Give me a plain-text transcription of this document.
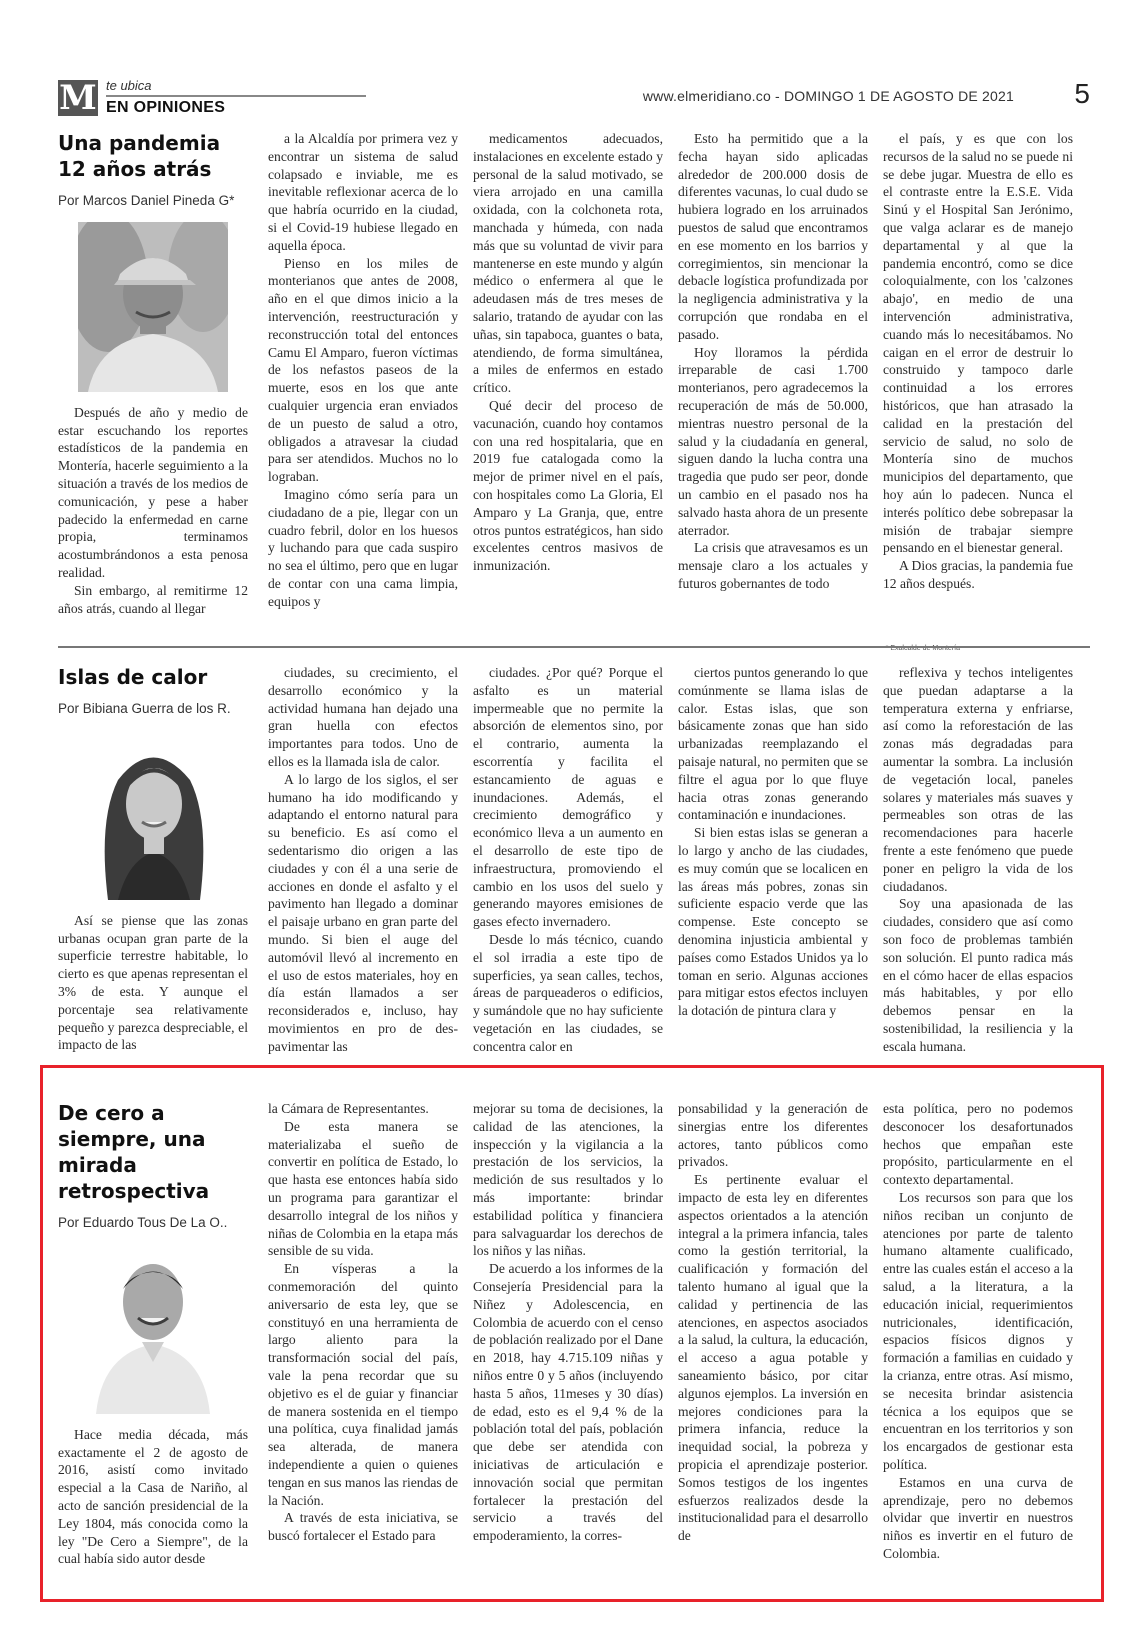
M te ubica
EN OPINIONES
www.elmeridiano.co - DOMINGO 1 DE AGOSTO DE 2021 5
Una pandemia 12 años atrás
Por Marcos Daniel Pineda G*

Después de año y medio de estar escuchando los reportes estadísticos de la pandemia en Montería, hacerle seguimiento a la situación a través de los medios de comunicación, y pese a haber padecido la enfermedad en carne propia, terminamos acostumbrándonos a esta penosa realidad.

Sin embargo, al remitirme 12 años atrás, cuando al llegar

a la Alcaldía por primera vez y encontrar un sistema de salud colapsado e inviable, me es inevitable reflexionar acerca de lo que habría ocurrido en la ciudad, si el Covid-19 hubiese llegado en aquella época.

Pienso en los miles de monterianos que antes de 2008, año en el que dimos inicio a la intervención, reestructuración y reconstrucción total del entonces Camu El Amparo, fueron víctimas de los nefastos paseos de la muerte, esos en los que ante cualquier urgencia eran enviados de un puesto de salud a otro, obligados a atravesar la ciudad para ser atendidos. Muchos no lo lograban.

Imagino cómo sería para un ciudadano de a pie, llegar con un cuadro febril, dolor en los huesos y luchando para que cada suspiro no sea el último, pero que en lugar de contar con una cama limpia, equipos y

medicamentos adecuados, instalaciones en excelente estado y personal de la salud motivado, se viera arrojado en una camilla oxidada, con la colchoneta rota, manchada y húmeda, con nada más que su voluntad de vivir para mantenerse en este mundo y algún médico o enfermera al que le adeudasen más de tres meses de salario, tratando de ayudar con las uñas, sin tapaboca, guantes o bata, atendiendo, de forma simultánea, a miles de enfermos en estado crítico.

Qué decir del proceso de vacunación, cuando hoy contamos con una red hospitalaria, que en 2019 fue catalogada como la mejor de primer nivel en el país, con hospitales como La Gloria, El Amparo y La Granja, que, entre otros puntos estratégicos, han sido excelentes centros masivos de inmunización.

Esto ha permitido que a la fecha hayan sido aplicadas alrededor de 200.000 dosis de diferentes vacunas, lo cual dudo se hubiera logrado en los arruinados puestos de salud que encontramos en ese momento en los barrios y corregimientos, sin mencionar la debacle logística profundizada por la negligencia administrativa y la corrupción que rondaba en el pasado.

Hoy lloramos la pérdida irreparable de casi 1.700 monterianos, pero agradecemos la recuperación de más de 50.000, mientras nuestro personal de la salud y la ciudadanía en general, siguen dando la lucha contra una tragedia que pudo ser peor, donde un cambio en el pasado nos ha salvado hasta ahora de un presente aterrador.

La crisis que atravesamos es un mensaje claro a los actuales y futuros gobernantes de todo

el país, y es que con los recursos de la salud no se puede ni se debe jugar. Muestra de ello es el contraste entre la E.S.E. Vida Sinú y el Hospital San Jerónimo, que valga aclarar es de manejo departamental y al que la pandemia encontró, como se dice coloquialmente, con los 'calzones abajo', en medio de una intervención administrativa, cuando más lo necesitábamos. No caigan en el error de destruir lo construido y tampoco darle continuidad a los errores históricos, que han atrasado la calidad en la prestación del servicio de salud, no solo de Montería sino de muchos municipios del departamento, que hoy aún lo padecen. Nunca el interés político debe sobrepasar la misión de trabajar siempre pensando en el bienestar general.

A Dios gracias, la pandemia fue 12 años después.

* Exalcalde de Montería
Islas de calor
Por Bibiana Guerra de los R.

Así se piense que las zonas urbanas ocupan gran parte de la superficie terrestre habitable, lo cierto es que apenas representan el 3% de esta. Y aunque el porcentaje sea relativamente pequeño y parezca despreciable, el impacto de las

ciudades, su crecimiento, el desarrollo económico y la actividad humana han dejado una gran huella con efectos importantes para todos. Uno de ellos es la llamada isla de calor.

A lo largo de los siglos, el ser humano ha ido modificando y adaptando el entorno natural para su beneficio. Es así como el sedentarismo dio origen a las ciudades y con él a una serie de acciones en donde el asfalto y el pavimento han llegado a dominar el paisaje urbano en gran parte del mundo. Si bien el auge del automóvil llevó al incremento en el uso de estos materiales, hoy en día están llamados a ser reconsiderados e, incluso, hay movimientos en pro de des-pavimentar las

ciudades. ¿Por qué? Porque el asfalto es un material impermeable que no permite la absorción de elementos sino, por el contrario, aumenta la escorrentía y facilita el estancamiento de aguas e inundaciones. Además, el crecimiento demográfico y económico lleva a un aumento en el desarrollo de este tipo de infraestructura, promoviendo el cambio en los usos del suelo y generando mayores emisiones de gases efecto invernadero.

Desde lo más técnico, cuando el sol irradia a este tipo de superficies, ya sean calles, techos, áreas de parqueaderos o edificios, y sumándole que no hay suficiente vegetación en las ciudades, se concentra calor en

ciertos puntos generando lo que comúnmente se llama islas de calor. Estas islas, que son básicamente zonas que han sido urbanizadas reemplazando el paisaje natural, no permiten que se filtre el agua por lo que fluye hacia otras zonas generando contaminación e inundaciones.

Si bien estas islas se generan a lo largo y ancho de las ciudades, es muy común que se localicen en las áreas más pobres, zonas sin suficiente espacio verde que las compense. Este concepto se denomina injusticia ambiental y países como Estados Unidos ya lo toman en serio. Algunas acciones para mitigar estos efectos incluyen la dotación de pintura clara y

reflexiva y techos inteligentes que puedan adaptarse a la temperatura externa y enfriarse, así como la reforestación de las zonas más degradadas para aumentar la sombra. La inclusión de vegetación local, paneles solares y materiales más suaves y permeables son otras de las recomendaciones para hacerle frente a este fenómeno que puede poner en peligro la vida de los ciudadanos.

Soy una apasionada de las ciudades, considero que así como son foco de problemas también son solución. El punto radica más en el cómo hacer de ellas espacios más habitables, y por ello debemos pensar en la sostenibilidad, la resiliencia y la escala humana.

De cero a siempre, una mirada retrospectiva
Por Eduardo Tous De La O..

Hace media década, más exactamente el 2 de agosto de 2016, asistí como invitado especial a la Casa de Nariño, al acto de sanción presidencial de la Ley 1804, más conocida como la ley "De Cero a Siempre", de la cual había sido autor desde

la Cámara de Representantes.

De esta manera se materializaba el sueño de convertir en política de Estado, lo que hasta ese entonces había sido un programa para garantizar el desarrollo integral de los niños y niñas de Colombia en la etapa más sensible de su vida.

En vísperas a la conmemoración del quinto aniversario de esta ley, que se constituyó en una herramienta de largo aliento para la transformación social del país, vale la pena recordar que su objetivo es el de guiar y financiar de manera sostenida en el tiempo una política, cuya finalidad jamás sea alterada, de manera independiente a quien o quienes tengan en sus manos las riendas de la Nación.

A través de esta iniciativa, se buscó fortalecer el Estado para

mejorar su toma de decisiones, la calidad de las atenciones, la inspección y la vigilancia a la prestación de los servicios, la medición de sus resultados y lo más importante: brindar estabilidad política y financiera para salvaguardar los derechos de los niños y las niñas.

De acuerdo a los informes de la Consejería Presidencial para la Niñez y Adolescencia, en Colombia de acuerdo con el censo de población realizado por el Dane en 2018, hay 4.715.109 niñas y niños entre 0 y 5 años (incluyendo hasta 5 años, 11meses y 30 días) de edad, esto es el 9,4 % de la población total del país, población que debe ser atendida con iniciativas de articulación e innovación social que permitan fortalecer la prestación del servicio a través del empoderamiento, la corres-

ponsabilidad y la generación de sinergias entre los diferentes actores, tanto públicos como privados.

Es pertinente evaluar el impacto de esta ley en diferentes aspectos orientados a la atención integral a la primera infancia, tales como la gestión territorial, la cualificación y formación del talento humano al igual que la calidad y pertinencia de las atenciones, en aspectos asociados a la salud, la cultura, la educación, el acceso a agua potable y saneamiento básico, por citar algunos ejemplos. La inversión en mejores condiciones para la primera infancia, reduce la inequidad social, la pobreza y propicia el aprendizaje posterior. Somos testigos de los ingentes esfuerzos realizados desde la institucionalidad para el desarrollo de

esta política, pero no podemos desconocer los desafortunados hechos que empañan este propósito, particularmente en el contexto departamental.

Los recursos son para que los niños reciban un conjunto de atenciones por parte de talento humano altamente cualificado, entre las cuales están el acceso a la salud, a la literatura, a la educación inicial, requerimientos nutricionales, identificación, espacios físicos dignos y formación a familias en cuidado y la crianza, entre otras. Así mismo, se necesita brindar asistencia técnica a los equipos que se encuentran en los territorios y son los encargados de gestionar esta política.

Estamos en una curva de aprendizaje, pero no debemos olvidar que invertir en nuestros niños es invertir en el futuro de Colombia.
